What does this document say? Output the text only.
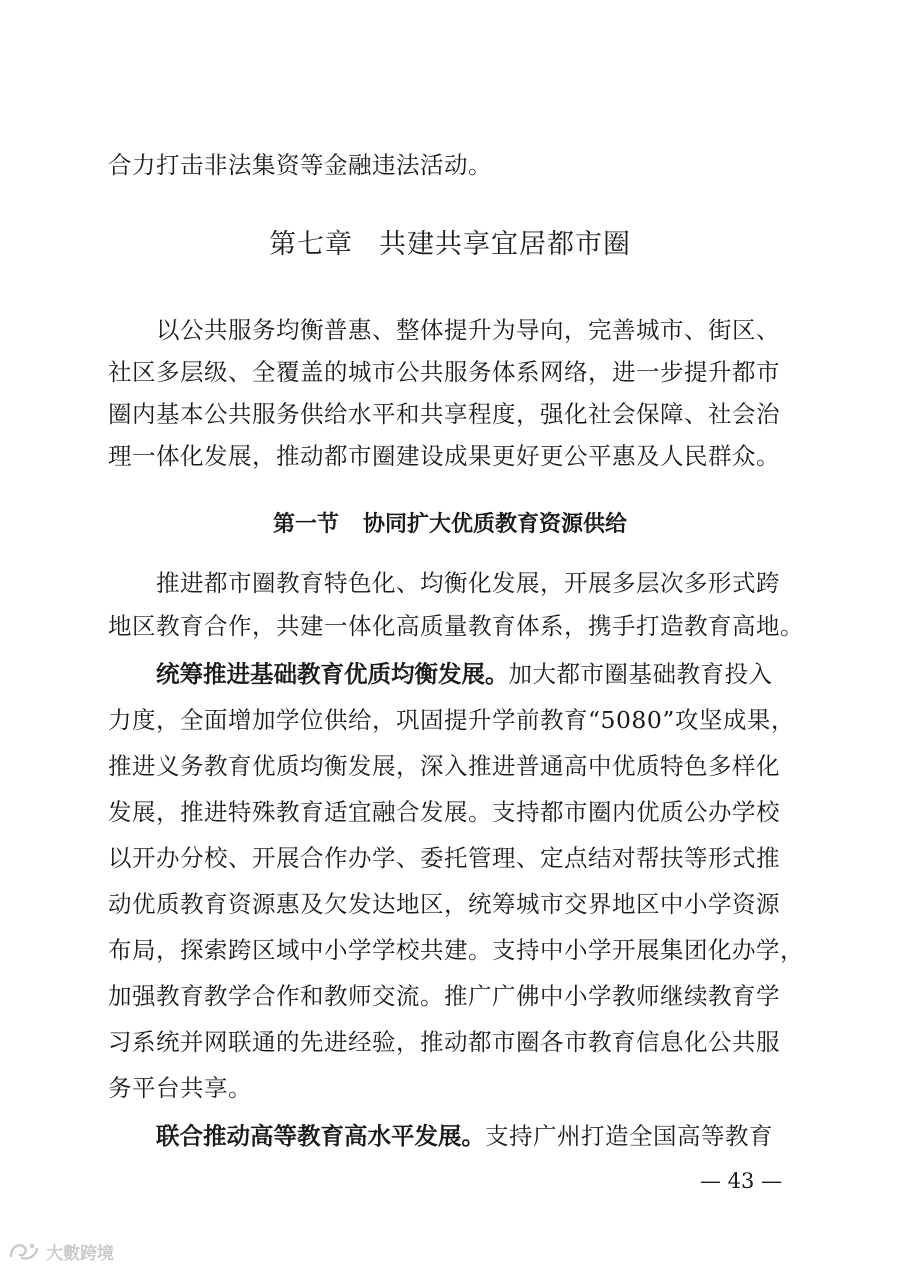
合力打击非法集资等金融违法活动。
第七章 共建共享宜居都市圈
以公共服务均衡普惠、整体提升为导向，完善城市、街区、
社区多层级、全覆盖的城市公共服务体系网络，进一步提升都市
圈内基本公共服务供给水平和共享程度，强化社会保障、社会治
理一体化发展，推动都市圈建设成果更好更公平惠及人民群众。
第一节 协同扩大优质教育资源供给
推进都市圈教育特色化、均衡化发展，开展多层次多形式跨
地区教育合作，共建一体化高质量教育体系，携手打造教育高地。
统筹推进基础教育优质均衡发展。加大都市圈基础教育投入
力度，全面增加学位供给，巩固提升学前教育“5080”攻坚成果，
推进义务教育优质均衡发展，深入推进普通高中优质特色多样化
发展，推进特殊教育适宜融合发展。支持都市圈内优质公办学校
以开办分校、开展合作办学、委托管理、定点结对帮扶等形式推
动优质教育资源惠及欠发达地区，统筹城市交界地区中小学资源
布局，探索跨区域中小学学校共建。支持中小学开展集团化办学，
加强教育教学合作和教师交流。推广广佛中小学教师继续教育学
习系统并网联通的先进经验，推动都市圈各市教育信息化公共服
务平台共享。
联合推动高等教育高水平发展。支持广州打造全国高等教育
— 43 —
大數跨境
